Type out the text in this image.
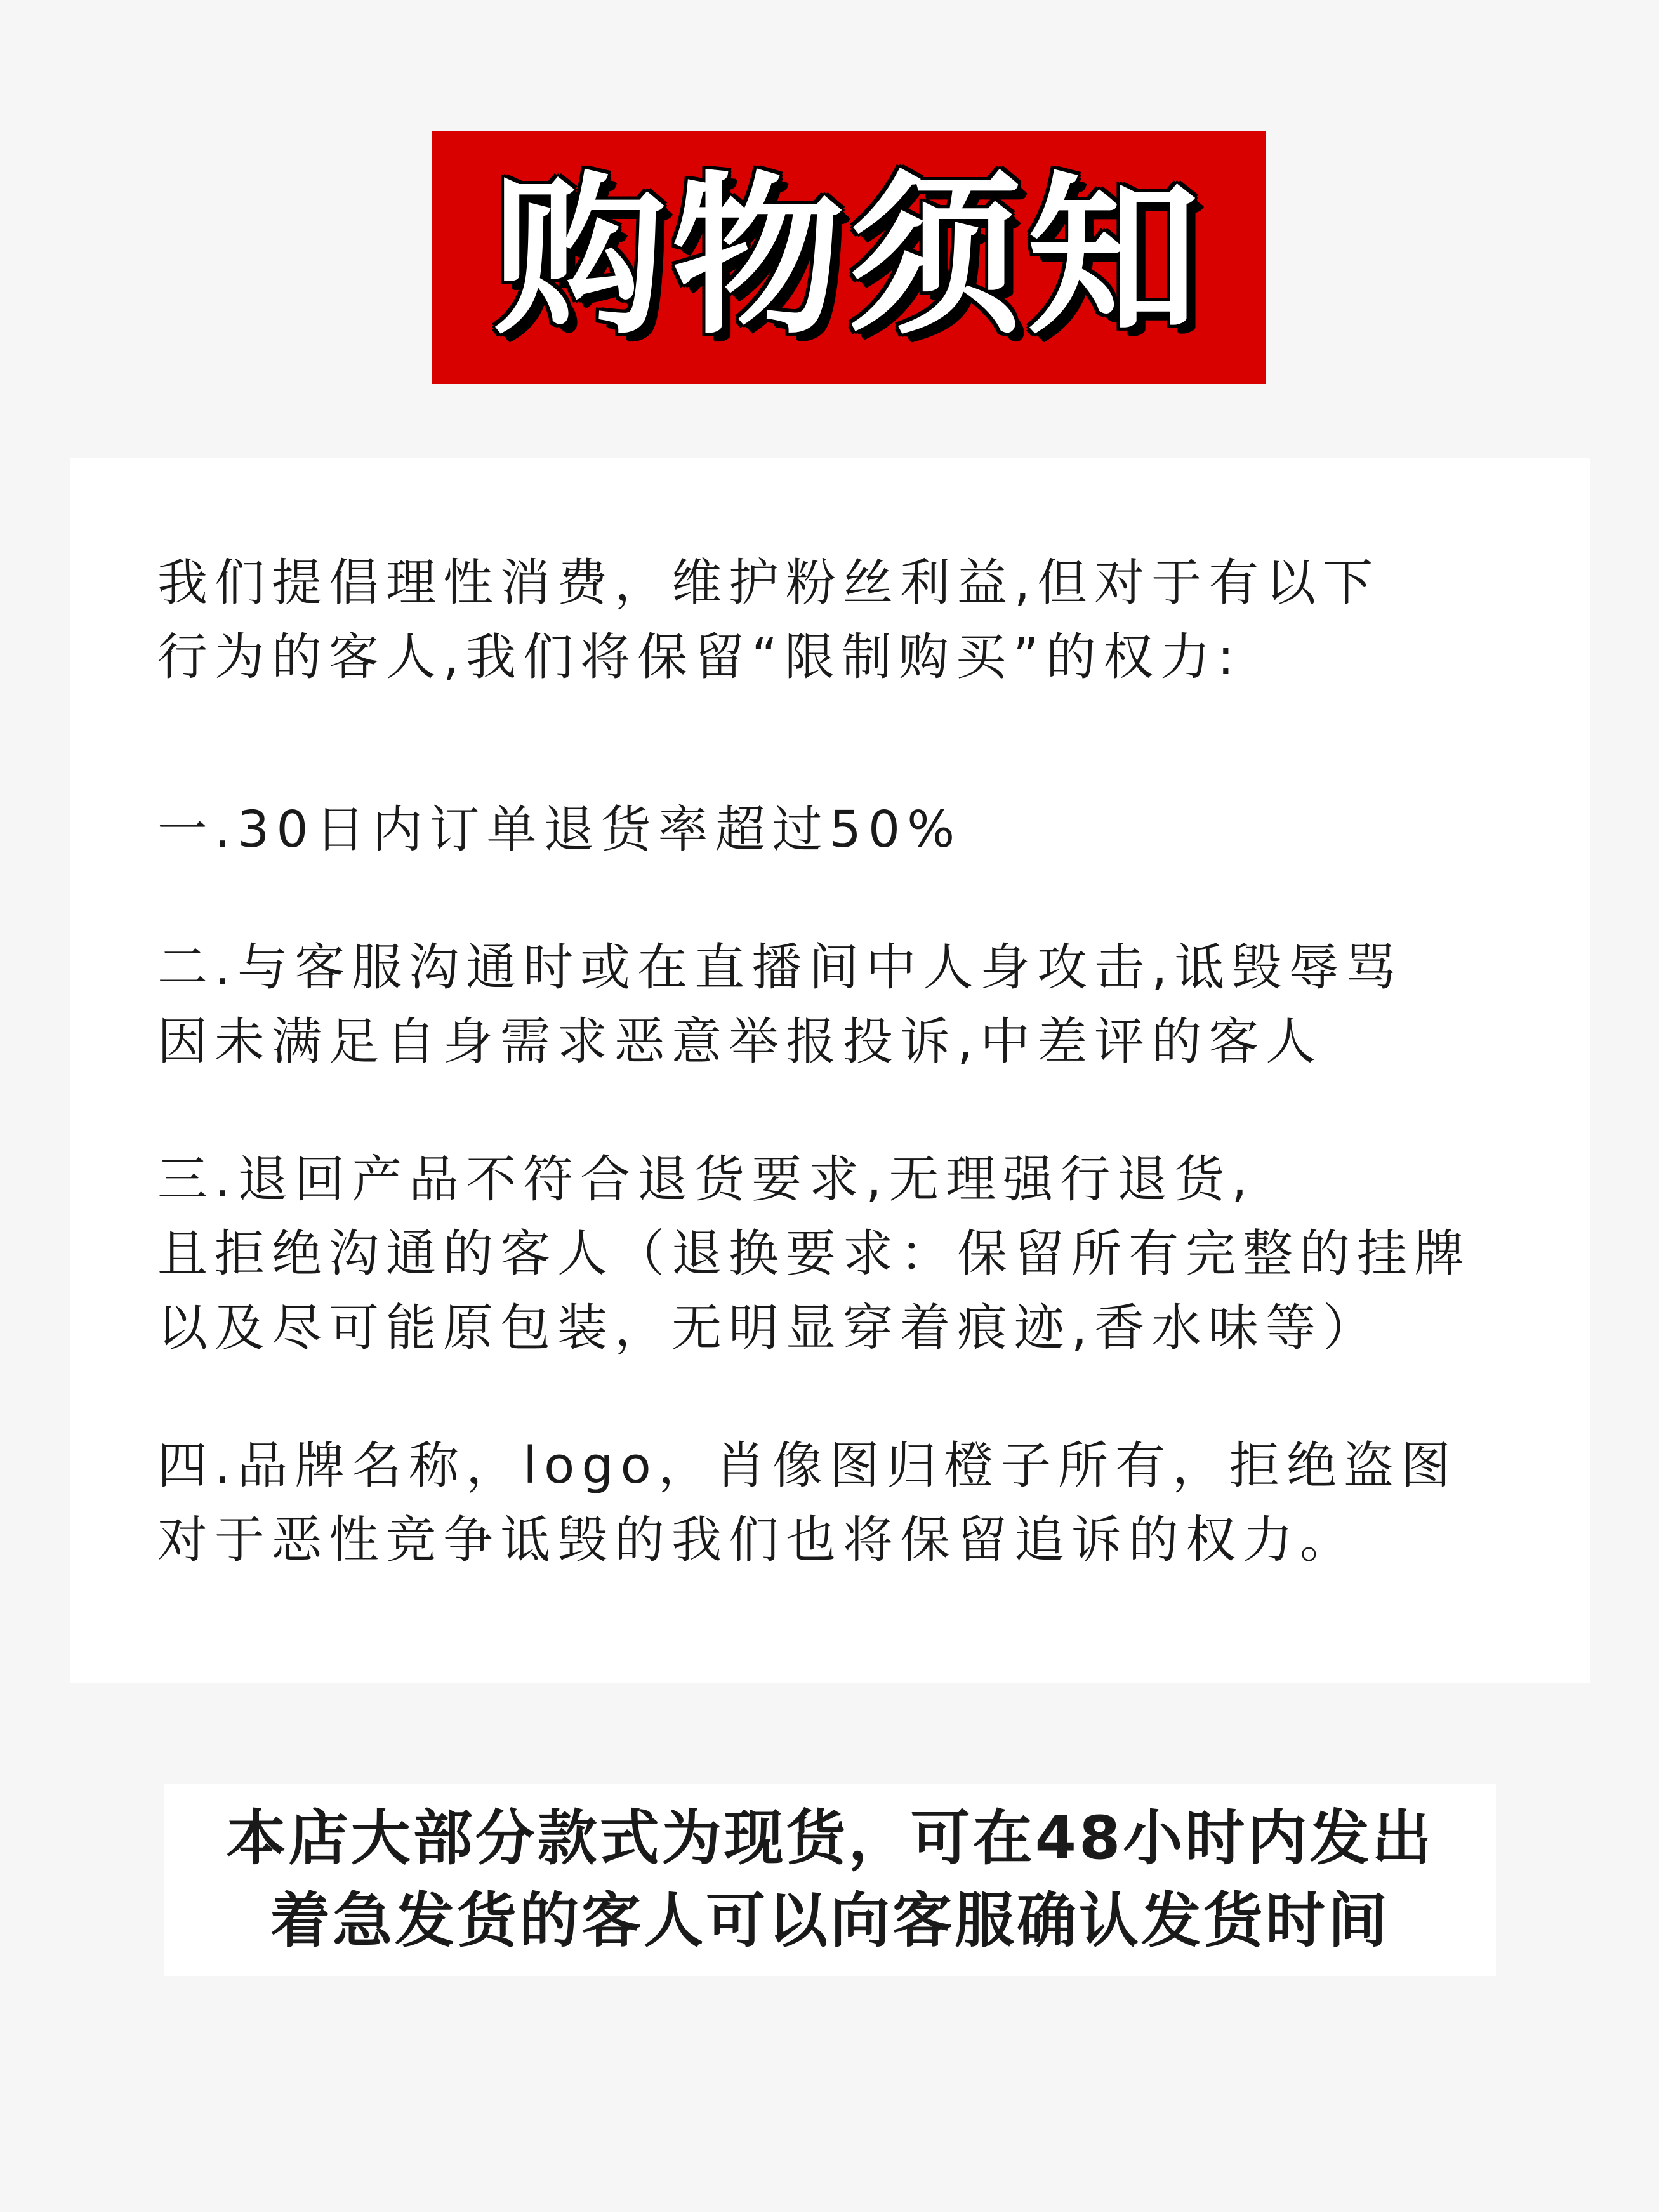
购物须知

我们提倡理性消费，维护粉丝利益,但对于有以下

行为的客人,我们将保留“限制购买”的权力:

一.30日内订单退货率超过50%

二.与客服沟通时或在直播间中人身攻击,诋毁辱骂

因未满足自身需求恶意举报投诉,中差评的客人

三.退回产品不符合退货要求,无理强行退货,

且拒绝沟通的客人（退换要求：保留所有完整的挂牌

以及尽可能原包装，无明显穿着痕迹,香水味等）

四.品牌名称，logo，肖像图归橙子所有，拒绝盗图

对于恶性竞争诋毁的我们也将保留追诉的权力。

本店大部分款式为现货，可在48小时内发出

着急发货的客人可以向客服确认发货时间
